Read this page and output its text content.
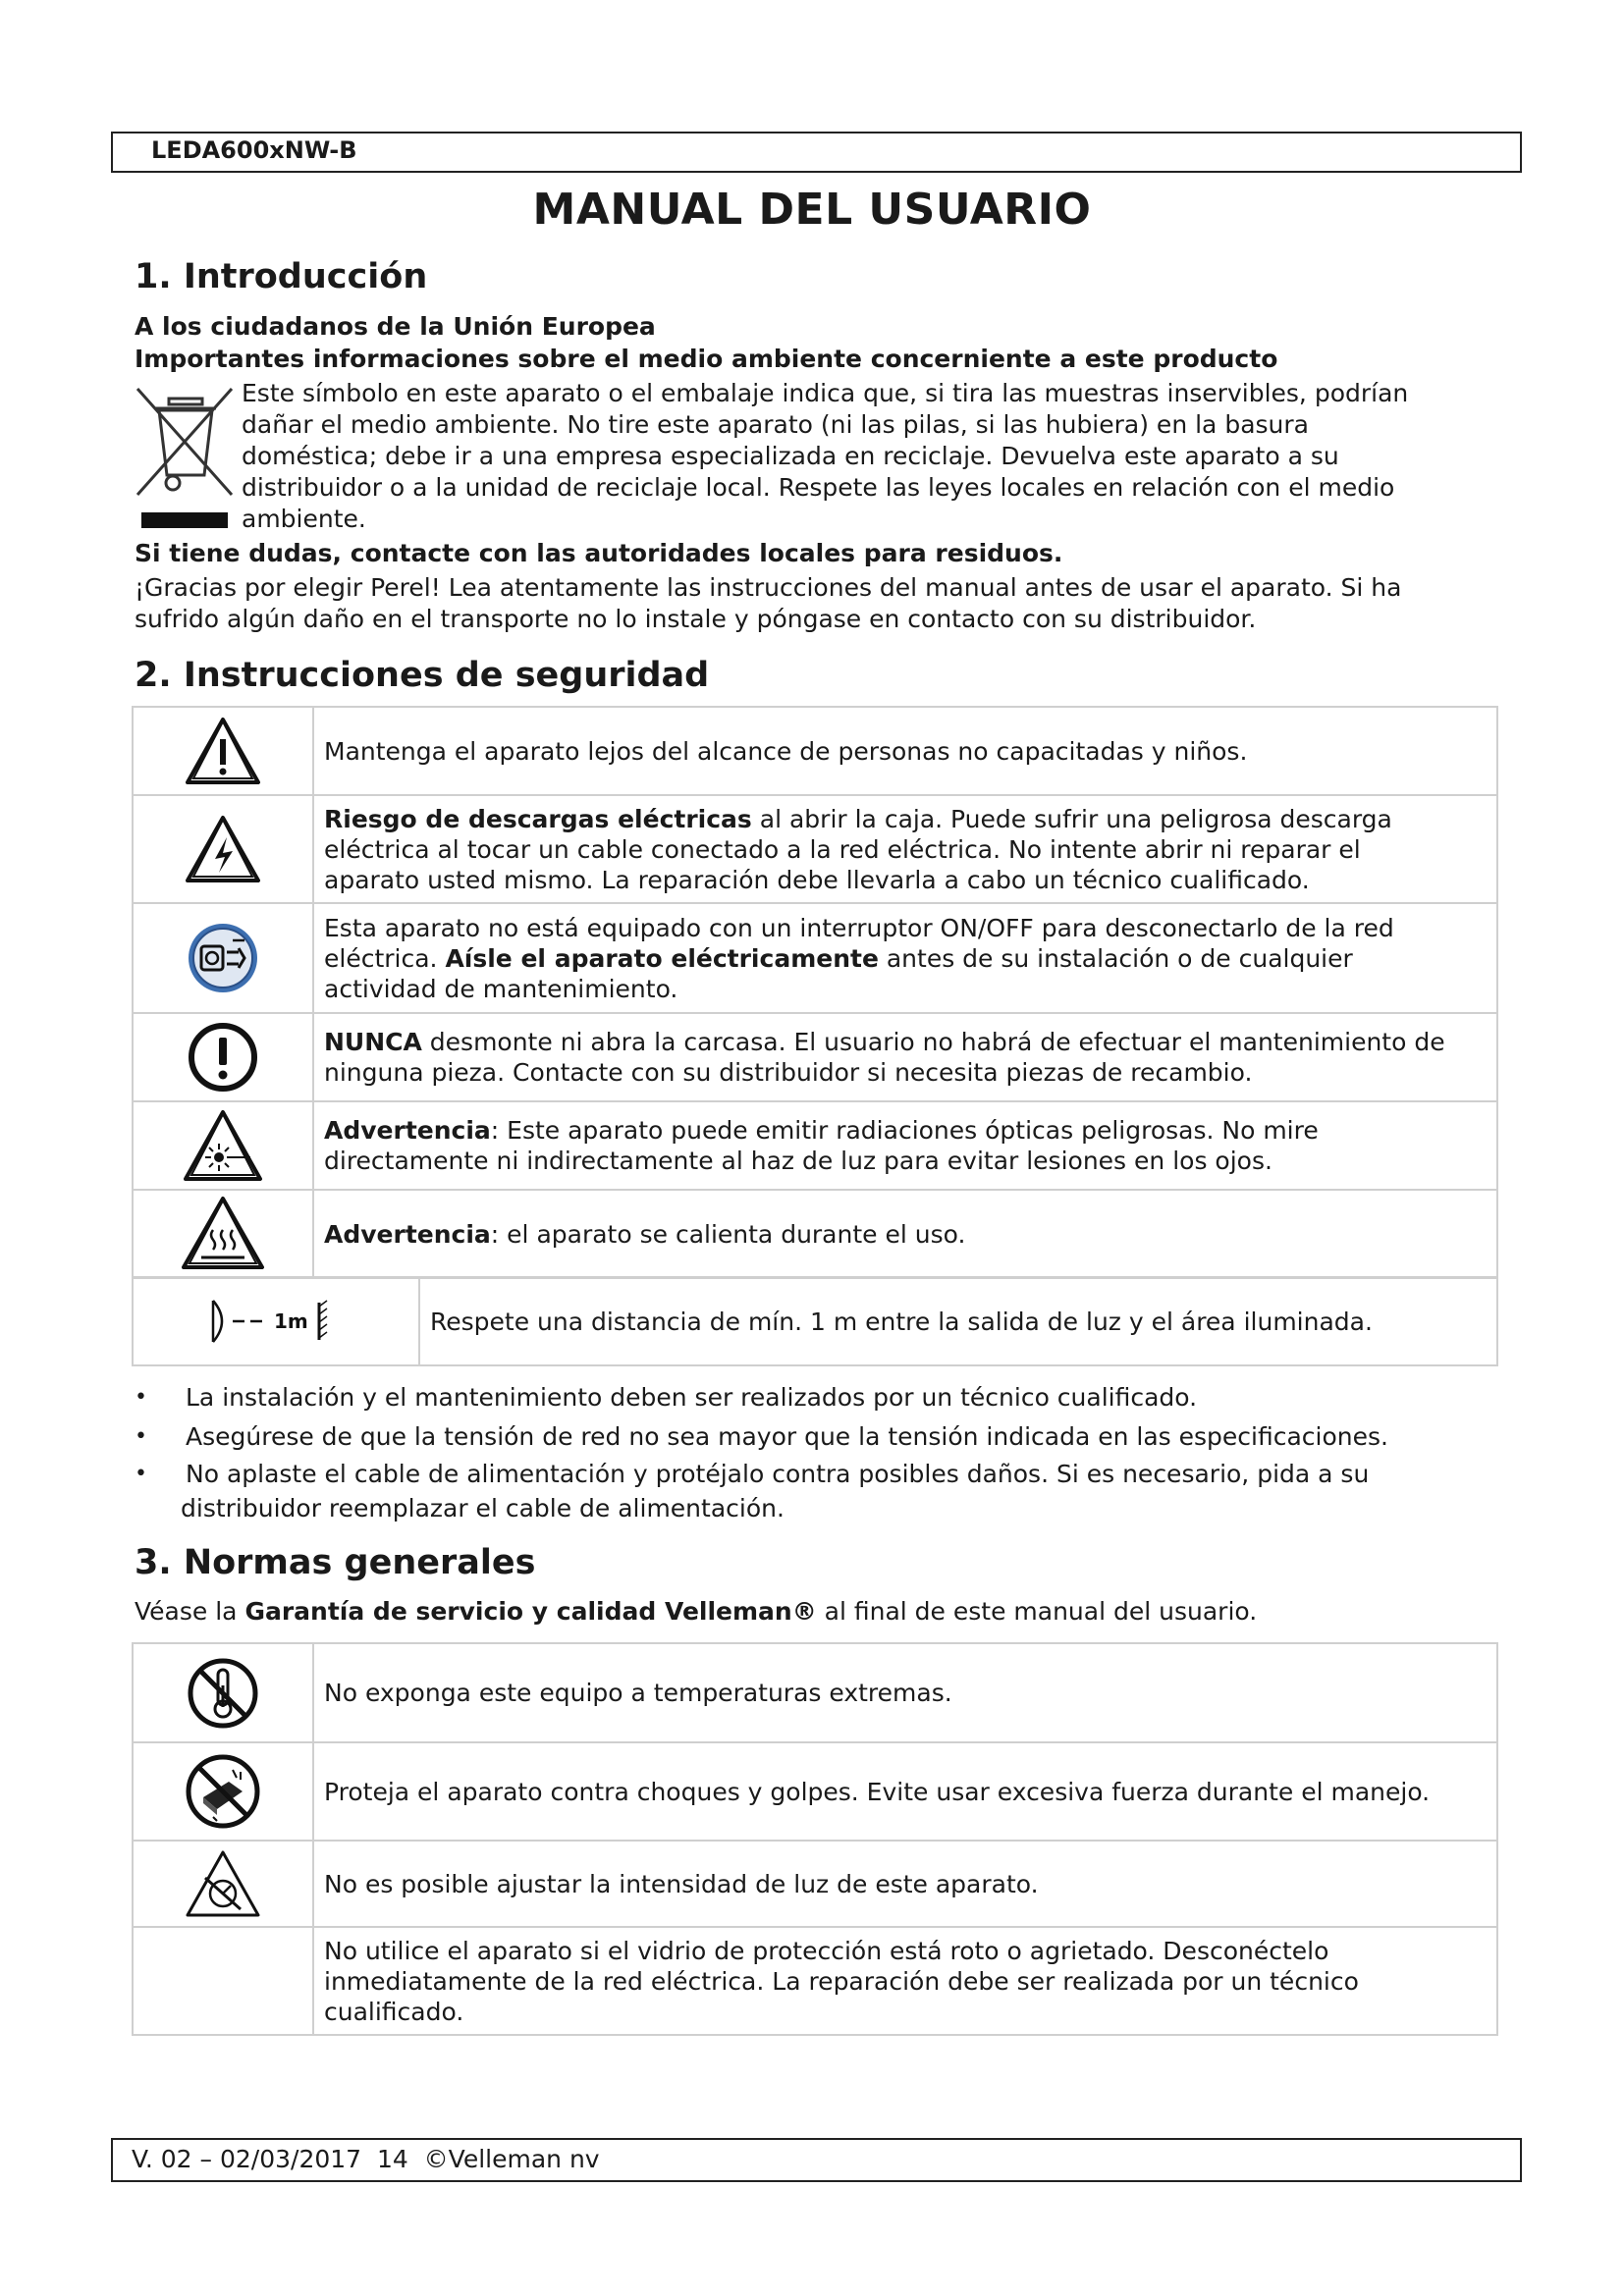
LEDA600xNW-B
MANUAL DEL USUARIO
1. Introducción
A los ciudadanos de la Unión Europea
Importantes informaciones sobre el medio ambiente concerniente a este producto
Este símbolo en este aparato o el embalaje indica que, si tira las muestras inservibles, podrían
dañar el medio ambiente. No tire este aparato (ni las pilas, si las hubiera) en la basura
doméstica; debe ir a una empresa especializada en reciclaje. Devuelva este aparato a su
distribuidor o a la unidad de reciclaje local. Respete las leyes locales en relación con el medio
ambiente.
Si tiene dudas, contacte con las autoridades locales para residuos.
¡Gracias por elegir Perel! Lea atentamente las instrucciones del manual antes de usar el aparato. Si ha
sufrido algún daño en el transporte no lo instale y póngase en contacto con su distribuidor.
2. Instrucciones de seguridad
	Mantenga el aparato lejos del alcance de personas no capacitadas y niños.

	Riesgo de descargas eléctricas al abrir la caja. Puede sufrir una peligrosa descarga
eléctrica al tocar un cable conectado a la red eléctrica. No intente abrir ni reparar el
aparato usted mismo. La reparación debe llevarla a cabo un técnico cualificado.

	Esta aparato no está equipado con un interruptor ON/OFF para desconectarlo de la red
eléctrica. Aísle el aparato eléctricamente antes de su instalación o de cualquier
actividad de mantenimiento.

	NUNCA desmonte ni abra la carcasa. El usuario no habrá de efectuar el mantenimiento de
ninguna pieza. Contacte con su distribuidor si necesita piezas de recambio.

	Advertencia: Este aparato puede emitir radiaciones ópticas peligrosas. No mire
directamente ni indirectamente al haz de luz para evitar lesiones en los ojos.

	Advertencia: el aparato se calienta durante el uso.
1m	Respete una distancia de mín. 1 m entre la salida de luz y el área iluminada.
• La instalación y el mantenimiento deben ser realizados por un técnico cualificado.
• Asegúrese de que la tensión de red no sea mayor que la tensión indicada en las especificaciones.
• No aplaste el cable de alimentación y protéjalo contra posibles daños. Si es necesario, pida a su
distribuidor reemplazar el cable de alimentación.
3. Normas generales
Véase la Garantía de servicio y calidad Velleman® al final de este manual del usuario.
	No exponga este equipo a temperaturas extremas.

	Proteja el aparato contra choques y golpes. Evite usar excesiva fuerza durante el manejo.

	No es posible ajustar la intensidad de luz de este aparato.
	No utilice el aparato si el vidrio de protección está roto o agrietado. Desconéctelo
inmediatamente de la red eléctrica. La reparación debe ser realizada por un técnico
cualificado.
V. 02 – 02/03/2017  14  ©Velleman nv
